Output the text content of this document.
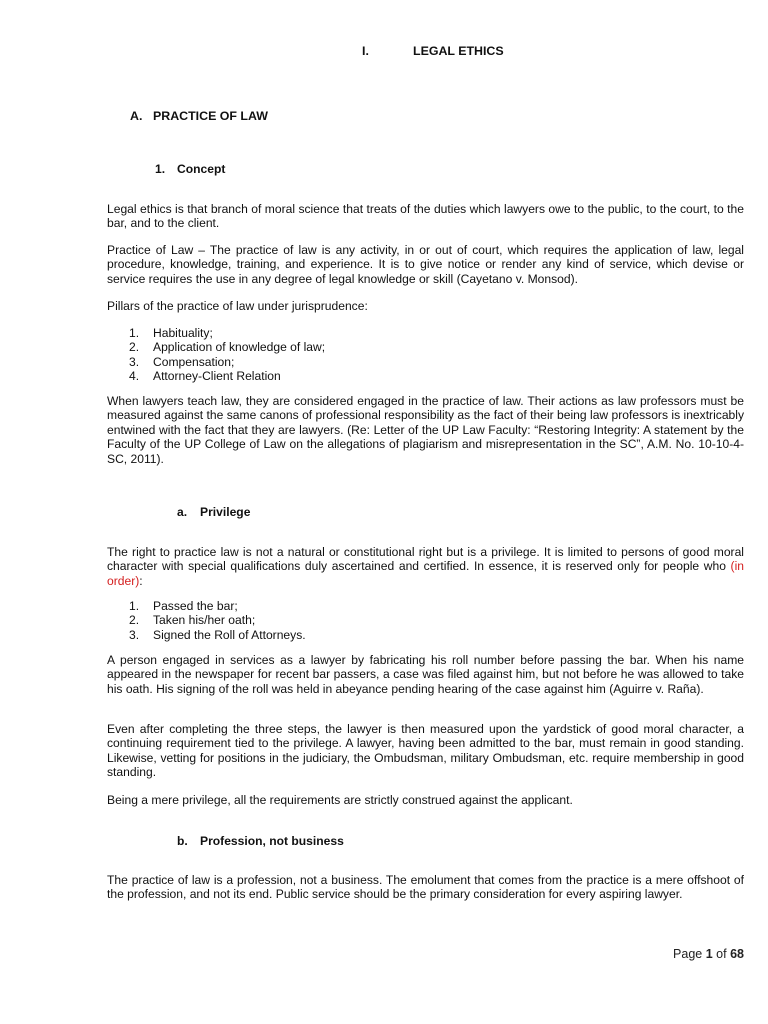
I.	LEGAL ETHICS
A. PRACTICE OF LAW
1. Concept

Legal ethics is that branch of moral science that treats of the duties which lawyers owe to the public, to the court, to the bar, and to the client.

Practice of Law – The practice of law is any activity, in or out of court, which requires the application of law, legal procedure, knowledge, training, and experience. It is to give notice or render any kind of service, which devise or service requires the use in any degree of legal knowledge or skill (Cayetano v. Monsod).

Pillars of the practice of law under jurisprudence:

1. Habituality;
2. Application of knowledge of law;
3. Compensation;
4. Attorney-Client Relation

When lawyers teach law, they are considered engaged in the practice of law. Their actions as law professors must be measured against the same canons of professional responsibility as the fact of their being law professors is inextricably entwined with the fact that they are lawyers. (Re: Letter of the UP Law Faculty: “Restoring Integrity: A statement by the Faculty of the UP College of Law on the allegations of plagiarism and misrepresentation in the SC”, A.M. No. 10-10-4-SC, 2011).

a. Privilege

The right to practice law is not a natural or constitutional right but is a privilege. It is limited to persons of good moral character with special qualifications duly ascertained and certified. In essence, it is reserved only for people who (in order):

1. Passed the bar;
2. Taken his/her oath;
3. Signed the Roll of Attorneys.

A person engaged in services as a lawyer by fabricating his roll number before passing the bar. When his name appeared in the newspaper for recent bar passers, a case was filed against him, but not before he was allowed to take his oath. His signing of the roll was held in abeyance pending hearing of the case against him (Aguirre v. Raña).

Even after completing the three steps, the lawyer is then measured upon the yardstick of good moral character, a continuing requirement tied to the privilege. A lawyer, having been admitted to the bar, must remain in good standing. Likewise, vetting for positions in the judiciary, the Ombudsman, military Ombudsman, etc. require membership in good standing.

Being a mere privilege, all the requirements are strictly construed against the applicant.

b. Profession, not business

The practice of law is a profession, not a business. The emolument that comes from the practice is a mere offshoot of the profession, and not its end. Public service should be the primary consideration for every aspiring lawyer.

Page 1 of 68
